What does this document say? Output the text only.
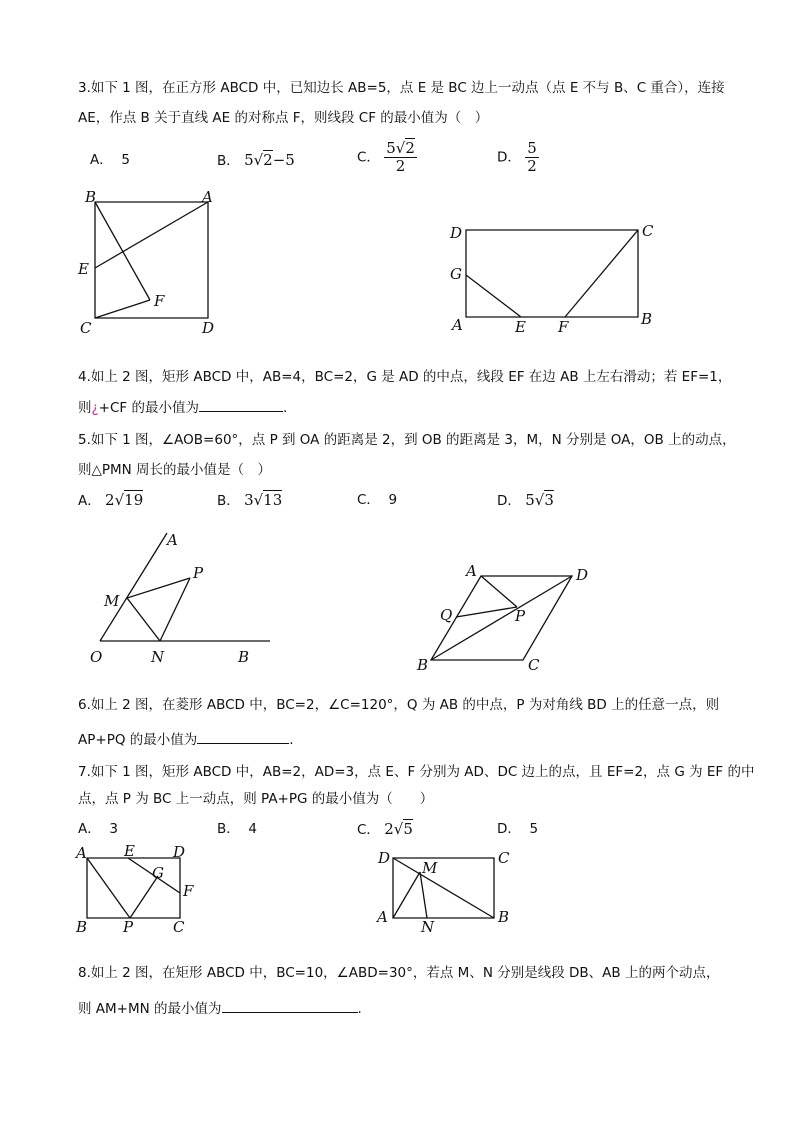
3.如下 1 图，在正方形 ABCD 中，已知边长 AB=5，点 E 是 BC 边上一动点（点 E 不与 B、C 重合），连接
AE，作点 B 关于直线 AE 的对称点 F，则线段 CF 的最小值为（　）
A． 5	B． 5√2−5	C． $\frac{5√2}{2}$	D． $\frac{5}{2}$
B	A
E
F
C	D
D	C
G
A	E F	B
4.如上 2 图，矩形 ABCD 中，AB=4，BC=2，G 是 AD 的中点，线段 EF 在边 AB 上左右滑动；若 EF=1，
则¿+CF 的最小值为	.
5.如下 1 图，∠AOB=60°，点 P 到 OA 的距离是 2，到 OB 的距离是 3，M，N 分别是 OA，OB 上的动点，
则△PMN 周长的最小值是（　）
A． 2√19	B． 3√13	C． 9	D． 5√3
A
P
M
O	N	B
A	D
Q	P
B	C
6.如上 2 图，在菱形 ABCD 中，BC=2，∠C=120°，Q 为 AB 的中点，P 为对角线 BD 上的任意一点，则
AP+PQ 的最小值为	.
7.如下 1 图，矩形 ABCD 中，AB=2，AD=3，点 E、F 分别为 AD、DC 边上的点，且 EF=2，点 G 为 EF 的中
点，点 P 为 BC 上一动点，则 PA+PG 的最小值为（　　）
A． 3	B． 4	C． 2√5	D． 5
A E	D
G
F
B P	C
D
M
C
A
N
B
8.如上 2 图，在矩形 ABCD 中，BC=10，∠ABD=30°，若点 M、N 分别是线段 DB、AB 上的两个动点，
则 AM+MN 的最小值为	.
